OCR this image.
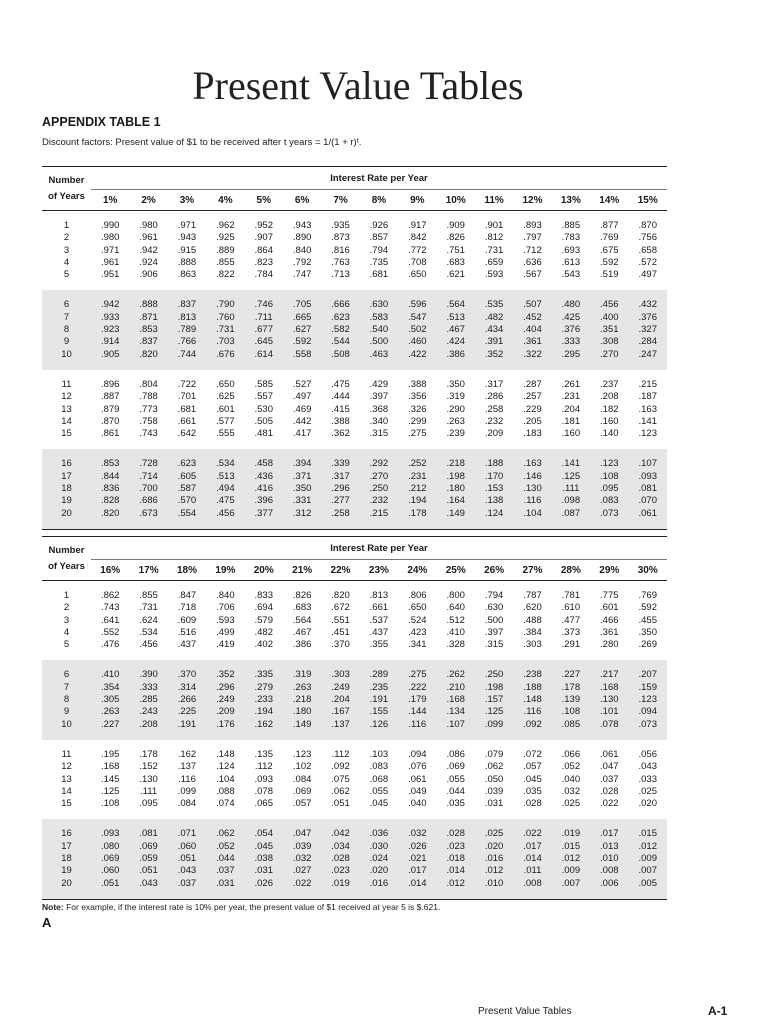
Present Value Tables
APPENDIX TABLE 1
Discount factors: Present value of $1 to be received after t years = 1/(1 + r)ᵗ.
Number
of Years	Interest Rate per Year														
	1%	2%	3%	4%	5%	6%	7%	8%	9%	10%	11%	12%	13%	14%	15%
1	.990	.980	.971	.962	.952	.943	.935	.926	.917	.909	.901	.893	.885	.877	.870
2	.980	.961	.943	.925	.907	.890	.873	.857	.842	.826	.812	.797	.783	.769	.756
3	.971	.942	.915	.889	.864	.840	.816	.794	.772	.751	.731	.712	.693	.675	.658
4	.961	.924	.888	.855	.823	.792	.763	.735	.708	.683	.659	.636	.613	.592	.572
5	.951	.906	.863	.822	.784	.747	.713	.681	.650	.621	.593	.567	.543	.519	.497
6	.942	.888	.837	.790	.746	.705	.666	.630	.596	.564	.535	.507	.480	.456	.432
7	.933	.871	.813	.760	.711	.665	.623	.583	.547	.513	.482	.452	.425	.400	.376
8	.923	.853	.789	.731	.677	.627	.582	.540	.502	.467	.434	.404	.376	.351	.327
9	.914	.837	.766	.703	.645	.592	.544	.500	.460	.424	.391	.361	.333	.308	.284
10	.905	.820	.744	.676	.614	.558	.508	.463	.422	.386	.352	.322	.295	.270	.247
11	.896	.804	.722	.650	.585	.527	.475	.429	.388	.350	.317	.287	.261	.237	.215
12	.887	.788	.701	.625	.557	.497	.444	.397	.356	.319	.286	.257	.231	.208	.187
13	.879	.773	.681	.601	.530	.469	.415	.368	.326	.290	.258	.229	.204	.182	.163
14	.870	.758	.661	.577	.505	.442	.388	.340	.299	.263	.232	.205	.181	.160	.141
15	.861	.743	.642	.555	.481	.417	.362	.315	.275	.239	.209	.183	.160	.140	.123
16	.853	.728	.623	.534	.458	.394	.339	.292	.252	.218	.188	.163	.141	.123	.107
17	.844	.714	.605	.513	.436	.371	.317	.270	.231	.198	.170	.146	.125	.108	.093
18	.836	.700	.587	.494	.416	.350	.296	.250	.212	.180	.153	.130	.111	.095	.081
19	.828	.686	.570	.475	.396	.331	.277	.232	.194	.164	.138	.116	.098	.083	.070
20	.820	.673	.554	.456	.377	.312	.258	.215	.178	.149	.124	.104	.087	.073	.061
Number
of Years	Interest Rate per Year														
	16%	17%	18%	19%	20%	21%	22%	23%	24%	25%	26%	27%	28%	29%	30%
1	.862	.855	.847	.840	.833	.826	.820	.813	.806	.800	.794	.787	.781	.775	.769
2	.743	.731	.718	.706	.694	.683	.672	.661	.650	.640	.630	.620	.610	.601	.592
3	.641	.624	.609	.593	.579	.564	.551	.537	.524	.512	.500	.488	.477	.466	.455
4	.552	.534	.516	.499	.482	.467	.451	.437	.423	.410	.397	.384	.373	.361	.350
5	.476	.456	.437	.419	.402	.386	.370	.355	.341	.328	.315	.303	.291	.280	.269
6	.410	.390	.370	.352	.335	.319	.303	.289	.275	.262	.250	.238	.227	.217	.207
7	.354	.333	.314	.296	.279	.263	.249	.235	.222	.210	.198	.188	.178	.168	.159
8	.305	.285	.266	.249	.233	.218	.204	.191	.179	.168	.157	.148	.139	.130	.123
9	.263	.243	.225	.209	.194	.180	.167	.155	.144	.134	.125	.116	.108	.101	.094
10	.227	.208	.191	.176	.162	.149	.137	.126	.116	.107	.099	.092	.085	.078	.073
11	.195	.178	.162	.148	.135	.123	.112	.103	.094	.086	.079	.072	.066	.061	.056
12	.168	.152	.137	.124	.112	.102	.092	.083	.076	.069	.062	.057	.052	.047	.043
13	.145	.130	.116	.104	.093	.084	.075	.068	.061	.055	.050	.045	.040	.037	.033
14	.125	.111	.099	.088	.078	.069	.062	.055	.049	.044	.039	.035	.032	.028	.025
15	.108	.095	.084	.074	.065	.057	.051	.045	.040	.035	.031	.028	.025	.022	.020
16	.093	.081	.071	.062	.054	.047	.042	.036	.032	.028	.025	.022	.019	.017	.015
17	.080	.069	.060	.052	.045	.039	.034	.030	.026	.023	.020	.017	.015	.013	.012
18	.069	.059	.051	.044	.038	.032	.028	.024	.021	.018	.016	.014	.012	.010	.009
19	.060	.051	.043	.037	.031	.027	.023	.020	.017	.014	.012	.011	.009	.008	.007
20	.051	.043	.037	.031	.026	.022	.019	.016	.014	.012	.010	.008	.007	.006	.005
Note: For example, if the interest rate is 10% per year, the present value of $1 received at year 5 is $.621.
A
Present Value Tables	A-1
